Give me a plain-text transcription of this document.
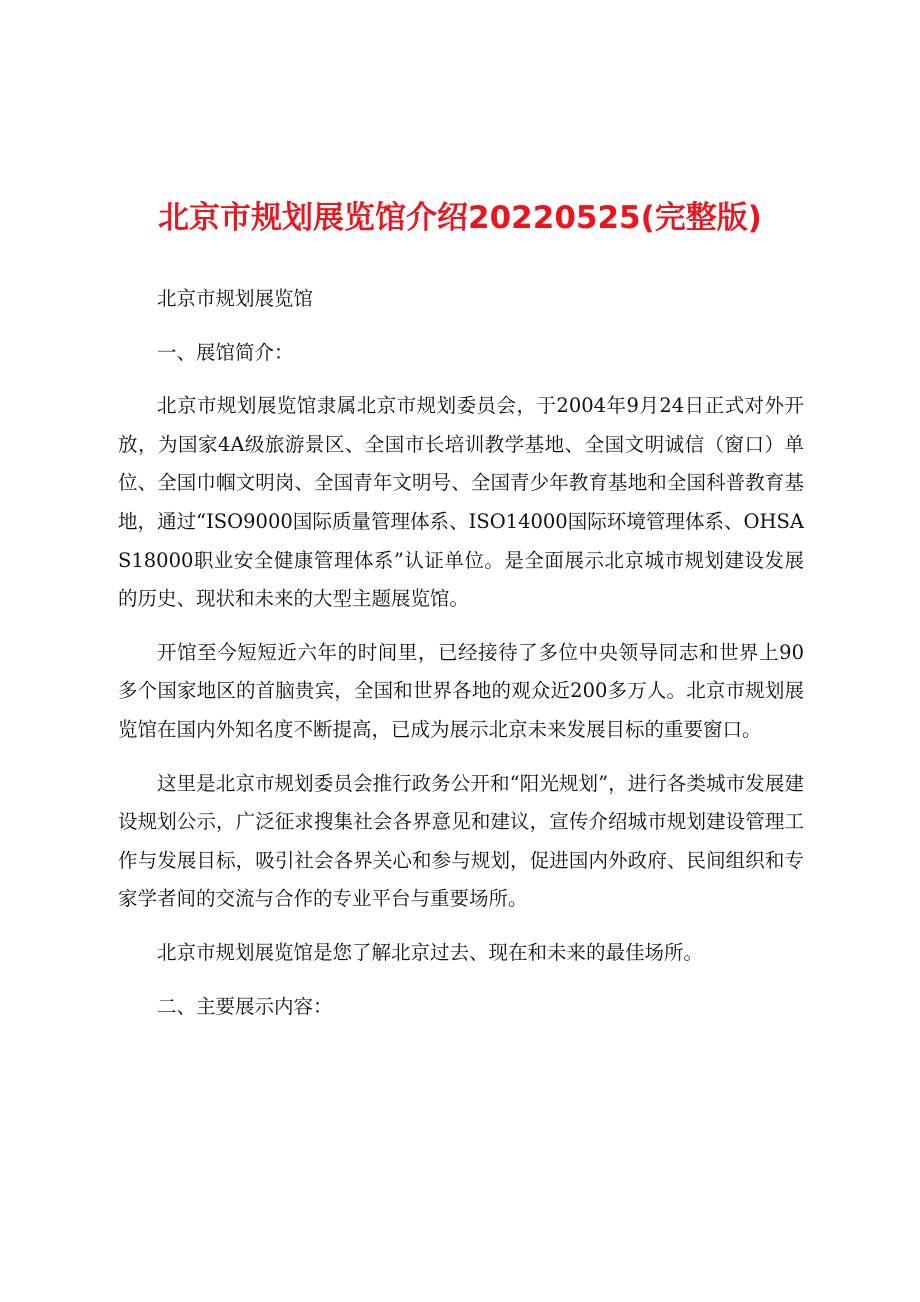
北京市规划展览馆介绍20220525(完整版)

北京市规划展览馆

一、展馆简介：

北京市规划展览馆隶属北京市规划委员会，于2004年9月24日正式对外开放，为国家4A级旅游景区、全国市长培训教学基地、全国文明诚信（窗口）单位、全国巾帼文明岗、全国青年文明号、全国青少年教育基地和全国科普教育基地，通过“ISO9000国际质量管理体系、ISO14000国际环境管理体系、OHSAS18000职业安全健康管理体系”认证单位。是全面展示北京城市规划建设发展的历史、现状和未来的大型主题展览馆。

开馆至今短短近六年的时间里，已经接待了多位中央领导同志和世界上90多个国家地区的首脑贵宾，全国和世界各地的观众近200多万人。北京市规划展览馆在国内外知名度不断提高，已成为展示北京未来发展目标的重要窗口。

这里是北京市规划委员会推行政务公开和“阳光规划”，进行各类城市发展建设规划公示，广泛征求搜集社会各界意见和建议，宣传介绍城市规划建设管理工作与发展目标，吸引社会各界关心和参与规划，促进国内外政府、民间组织和专家学者间的交流与合作的专业平台与重要场所。

北京市规划展览馆是您了解北京过去、现在和未来的最佳场所。

二、主要展示内容：
